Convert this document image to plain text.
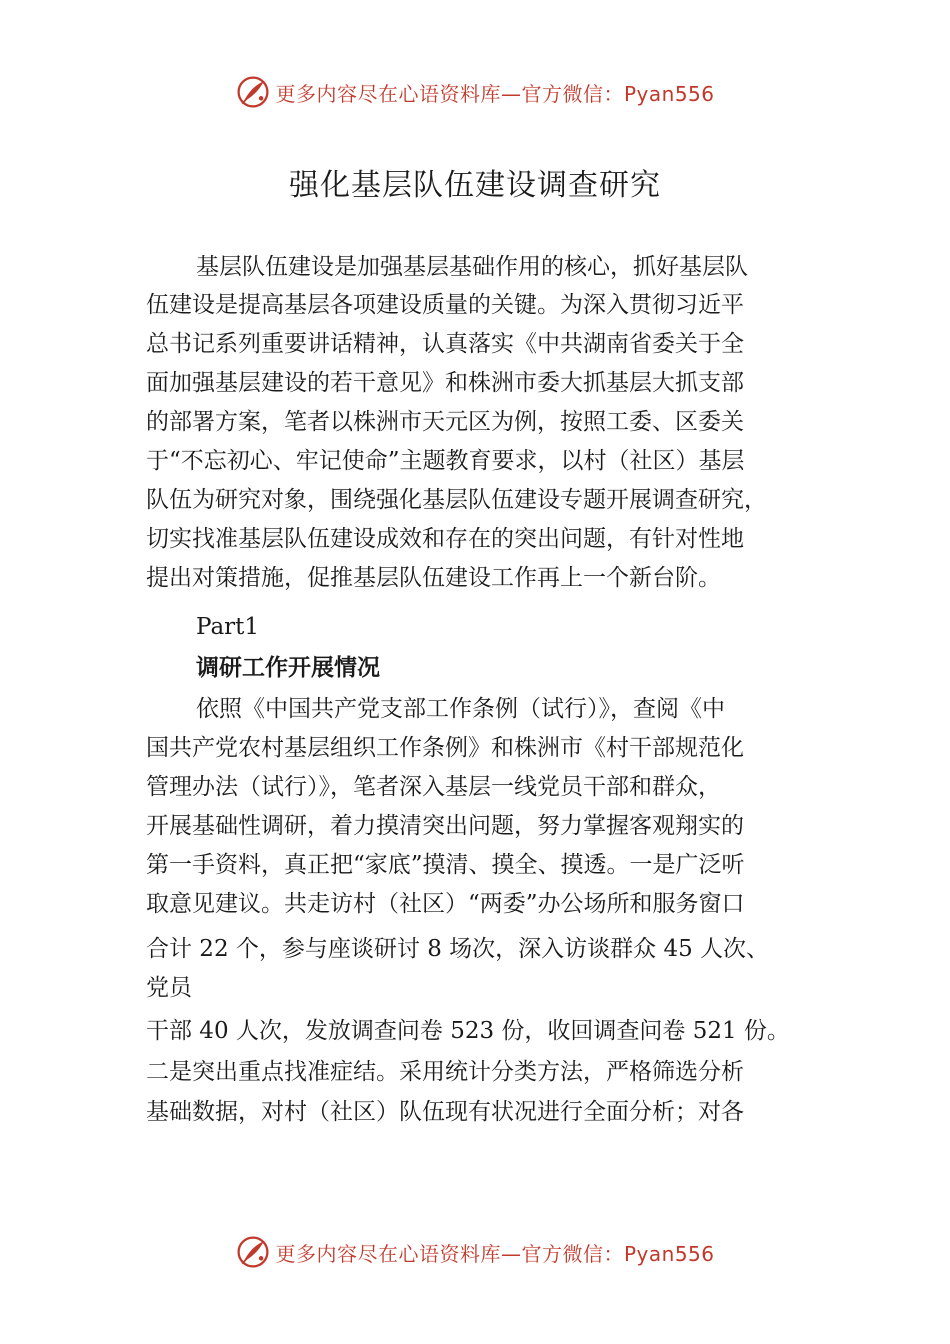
更多内容尽在心语资料库—官方微信：Pyan556
强化基层队伍建设调查研究
基层队伍建设是加强基层基础作用的核心，抓好基层队
伍建设是提高基层各项建设质量的关键。为深入贯彻习近平
总书记系列重要讲话精神，认真落实《中共湖南省委关于全
面加强基层建设的若干意见》和株洲市委大抓基层大抓支部
的部署方案，笔者以株洲市天元区为例，按照工委、区委关
于“不忘初心、牢记使命”主题教育要求，以村（社区）基层
队伍为研究对象，围绕强化基层队伍建设专题开展调查研究，
切实找准基层队伍建设成效和存在的突出问题，有针对性地
提出对策措施，促推基层队伍建设工作再上一个新台阶。
Part1
调研工作开展情况
依照《中国共产党支部工作条例（试行）》，查阅《中
国共产党农村基层组织工作条例》和株洲市《村干部规范化
管理办法（试行）》，笔者深入基层一线党员干部和群众，
开展基础性调研，着力摸清突出问题，努力掌握客观翔实的
第一手资料，真正把“家底”摸清、摸全、摸透。一是广泛听
取意见建议。共走访村（社区）“两委”办公场所和服务窗口
合计 22 个，参与座谈研讨 8 场次，深入访谈群众 45 人次、
党员
干部 40 人次，发放调查问卷 523 份，收回调查问卷 521 份。
二是突出重点找准症结。采用统计分类方法，严格筛选分析
基础数据，对村（社区）队伍现有状况进行全面分析；对各
更多内容尽在心语资料库—官方微信：Pyan556
